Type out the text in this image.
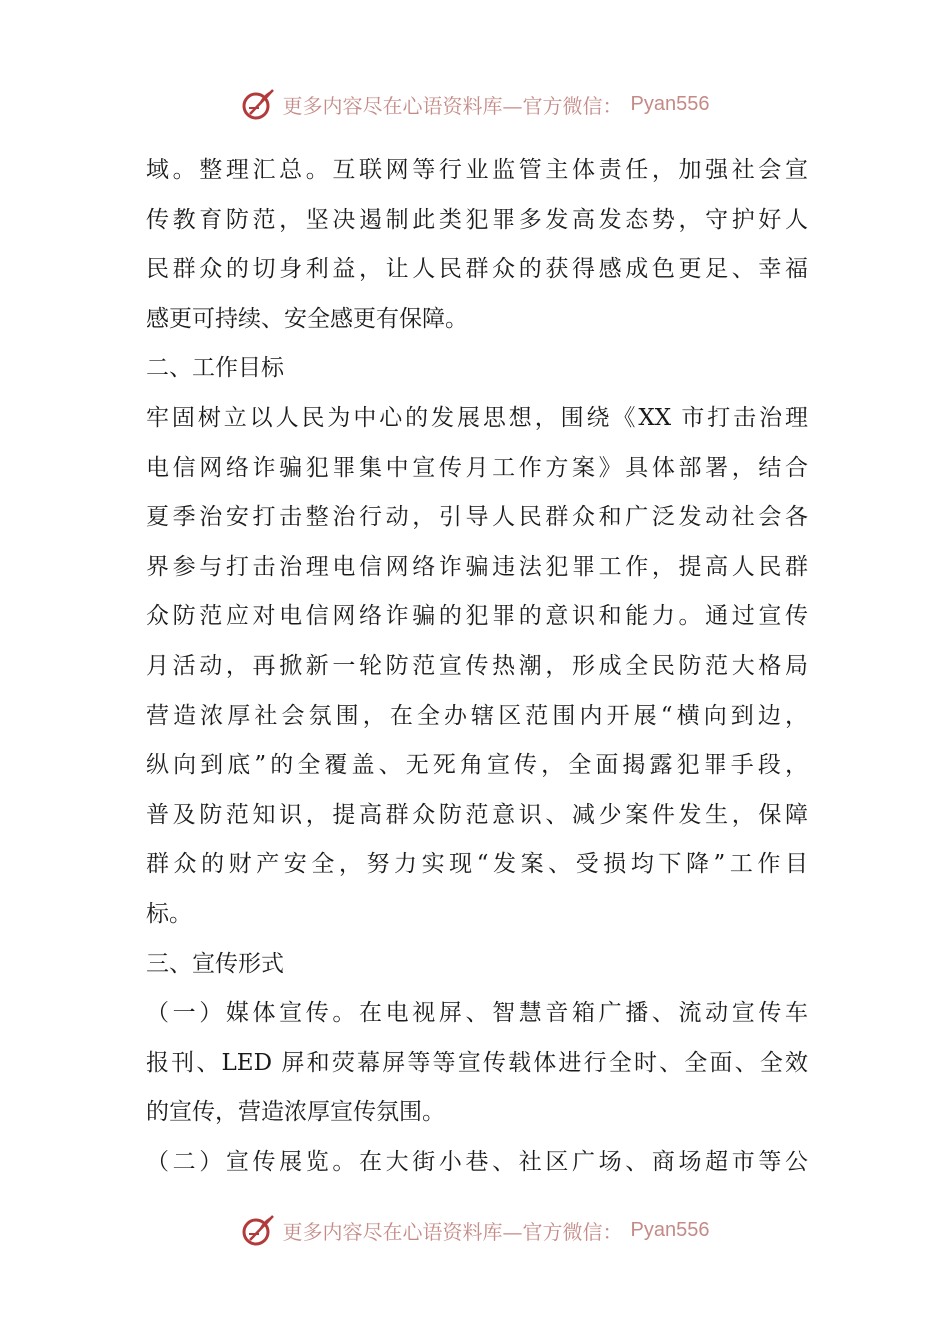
更多内容尽在心语资料库—官方微信： Pyan556
域。整理汇总。互联网等行业监管主体责任，加强社会宣
传教育防范，坚决遏制此类犯罪多发高发态势，守护好人
民群众的切身利益，让人民群众的获得感成色更足、幸福
感更可持续、安全感更有保障。
二、工作目标
牢固树立以人民为中心的发展思想，围绕《XX 市打击治理
电信网络诈骗犯罪集中宣传月工作方案》具体部署，结合
夏季治安打击整治行动，引导人民群众和广泛发动社会各
界参与打击治理电信网络诈骗违法犯罪工作，提高人民群
众防范应对电信网络诈骗的犯罪的意识和能力。通过宣传
月活动，再掀新一轮防范宣传热潮，形成全民防范大格局
营造浓厚社会氛围，在全办辖区范围内开展“横向到边，
纵向到底”的全覆盖、无死角宣传，全面揭露犯罪手段，
普及防范知识，提高群众防范意识、减少案件发生，保障
群众的财产安全，努力实现“发案、受损均下降”工作目
标。
三、宣传形式
（一）媒体宣传。在电视屏、智慧音箱广播、流动宣传车
报刊、LED 屏和荧幕屏等等宣传载体进行全时、全面、全效
的宣传，营造浓厚宣传氛围。
（二）宣传展览。在大街小巷、社区广场、商场超市等公
更多内容尽在心语资料库—官方微信： Pyan556
